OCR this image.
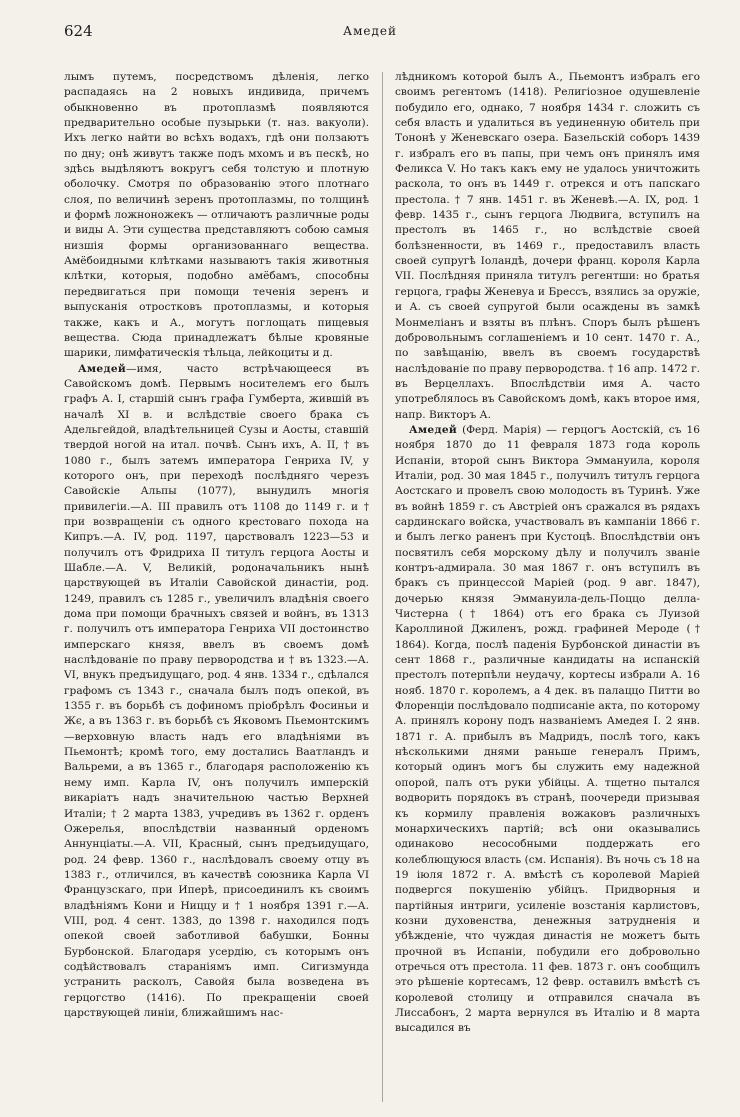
624	Амедей

лымъ путемъ, посредствомъ дѣленія, легко распадаясь на 2 новыхъ индивида, причемъ обыкновенно въ протоплазмѣ появляются предварительно особые пузырьки (т. наз. вакуоли). Ихъ легко найти во всѣхъ водахъ, гдѣ они ползаютъ по дну; онѣ живутъ также подъ мхомъ и въ пескѣ, но здѣсь выдѣляютъ вокругъ себя толстую и плотную оболочку. Смотря по образованію этого плотнаго слоя, по величинѣ зеренъ протоплазмы, по толщинѣ и формѣ ложноножекъ — отличаютъ различные роды и виды А. Эти существа представляютъ собою самыя низшія формы организованнаго вещества. Амёбоидными клѣтками называютъ такія животныя клѣтки, которыя, подобно амёбамъ, способны передвигаться при помощи теченія зеренъ и выпусканія отростковъ протоплазмы, и которыя также, какъ и А., могутъ поглощать пищевыя вещества. Сюда принадлежатъ бѣлые кровяные шарики, лимфатическія тѣльца, лейкоциты и д.

Амедей—имя, часто встрѣчающееся въ Савойскомъ домѣ. Первымъ носителемъ его былъ графъ А. I, старшій сынъ графа Гумберта, жившій въ началѣ XI в. и вслѣдствіе своего брака съ Адельгейдой, владѣтельницей Сузы и Аосты, ставшій твердой ногой на итал. почвѣ. Сынъ ихъ, А. II, † въ 1080 г., былъ затемъ императора Генриха IV, у которого онъ, при переходѣ послѣдняго черезъ Савойскіе Альпы (1077), вынудилъ многія привилегіи.—А. III правилъ отъ 1108 до 1149 г. и † при возвращеніи съ одного крестоваго похода на Кипръ.—А. IV, род. 1197, царствовалъ 1223—53 и получилъ отъ Фридриха II титулъ герцога Аосты и Шабле.—А. V, Великій, родоначальникъ нынѣ царствующей въ Италіи Савойской династіи, род. 1249, правилъ съ 1285 г., увеличилъ владѣнія своего дома при помощи брачныхъ связей и войнъ, въ 1313 г. получилъ отъ императора Генриха VII достоинство имперскаго князя, ввелъ въ своемъ домѣ наслѣдованіе по праву первородства и † въ 1323.—А. VI, внукъ предъидущаго, род. 4 янв. 1334 г., сдѣлался графомъ съ 1343 г., сначала былъ подъ опекой, въ 1355 г. въ борьбѣ съ дофиномъ пріобрѣлъ Фосиньи и Жє, а въ 1363 г. въ борьбѣ съ Яковомъ Пьемонтскимъ—верховную власть надъ его владѣніями въ Пьемонтѣ; кромѣ того, ему достались Ваатландъ и Вальреми, а въ 1365 г., благодаря расположенію къ нему имп. Карла IV, онъ получилъ имперскій викаріатъ надъ значительною частью Верхней Италіи; † 2 марта 1383, учредивъ въ 1362 г. орденъ Ожерелья, впослѣдствіи названный орденомъ Аннунціаты.—А. VII, Красный, сынъ предъидущаго, род. 24 февр. 1360 г., наслѣдовалъ своему отцу въ 1383 г., отличился, въ качествѣ союзника Карла VI Французскаго, при Иперѣ, присоединилъ къ своимъ владѣніямъ Кони и Ниццу и † 1 ноября 1391 г.—А. VIII, род. 4 сент. 1383, до 1398 г. находился подъ опекой своей заботливой бабушки, Бонны Бурбонской. Благодаря усердію, съ которымъ онъ содѣйствовалъ стараніямъ имп. Сигизмунда устранить расколъ, Савойя была возведена въ герцогство (1416). По прекращеніи своей царствующей линіи, ближайшимъ нас-

лѣдникомъ которой былъ А., Пьемонтъ избралъ его своимъ регентомъ (1418). Религіозное одушевленіе побудило его, однако, 7 ноября 1434 г. сложить съ себя власть и удалиться въ уединенную обитель при Тононѣ у Женевскаго озера. Базельскій соборъ 1439 г. избралъ его въ папы, при чемъ онъ принялъ имя Феликса V. Но такъ какъ ему не удалось уничтожить раскола, то онъ въ 1449 г. отрекся и отъ папскаго престола. † 7 янв. 1451 г. въ Женевѣ.—А. IX, род. 1 февр. 1435 г., сынъ герцога Людвига, вступилъ на престолъ въ 1465 г., но вслѣдствіе своей болѣзненности, въ 1469 г., предоставилъ власть своей супругѣ Іоландѣ, дочери франц. короля Карла VII. Послѣдняя приняла титулъ регентши: но братья герцога, графы Женевуа и Брессъ, взялись за оружіе, и А. съ своей супругой были осаждены въ замкѣ Монмеліанъ и взяты въ плѣнъ. Споръ былъ рѣшенъ добровольнымъ соглашеніемъ и 10 сент. 1470 г. А., по завѣщанію, ввелъ въ своемъ государствѣ наслѣдованіе по праву первородства. † 16 апр. 1472 г. въ Верцеллахъ. Впослѣдствіи имя А. часто употреблялось въ Савойскомъ домѣ, какъ второе имя, напр. Викторъ А.

Амедей (Ферд. Марія) — герцогъ Аостскій, съ 16 ноября 1870 до 11 февраля 1873 года король Испаніи, второй сынъ Виктора Эммануила, короля Италіи, род. 30 мая 1845 г., получилъ титулъ герцога Аостскаго и провелъ свою молодость въ Туринѣ. Уже въ войнѣ 1859 г. съ Австріей онъ сражался въ рядахъ сардинскаго войска, участвовалъ въ кампаніи 1866 г. и былъ легко раненъ при Кустоцѣ. Впослѣдствіи онъ посвятилъ себя морскому дѣлу и получилъ званіе контръ-адмирала. 30 мая 1867 г. онъ вступилъ въ бракъ съ принцессой Маріей (род. 9 авг. 1847), дочерью князя Эммануила-дель-Поццо делла-Чистерна († 1864) отъ его брака съ Луизой Кароллиной Джиленъ, рожд. графиней Мероде († 1864). Когда, послѣ паденія Бурбонской династіи въ сент 1868 г., различные кандидаты на испанскій престолъ потерпѣли неудачу, кортесы избрали А. 16 нояб. 1870 г. королемъ, а 4 дек. въ палаццо Питти во Флоренціи послѣдовало подписаніе акта, по которому А. принялъ корону подъ названіемъ Амедея I. 2 янв. 1871 г. А. прибылъ въ Мадридъ, послѣ того, какъ нѣсколькими днями раньше генералъ Примъ, который одинъ могъ бы служить ему надежной опорой, палъ отъ руки убійцы. А. тщетно пытался водворить порядокъ въ странѣ, поочереди призывая къ кормилу правленія вожаковъ различныхъ монархическихъ партій; всѣ они оказывались одинаково несособными поддержать его колеблющуюся власть (см. Испанія). Въ ночь съ 18 на 19 іюля 1872 г. А. вмѣстѣ съ королевой Маріей подвергся покушенію убійцъ. Придворныя и партійныя интриги, усиленіе возстанія карлистовъ, козни духовенства, денежныя затрудненія и убѣжденіе, что чуждая династія не можетъ быть прочной въ Испаніи, побудили его добровольно отречься отъ престола. 11 фев. 1873 г. онъ сообщилъ это рѣшеніе кортесамъ, 12 февр. оставилъ вмѣстѣ съ королевой столицу и отправился сначала въ Лиссабонъ, 2 марта вернулся въ Италію и 8 марта высадился въ
